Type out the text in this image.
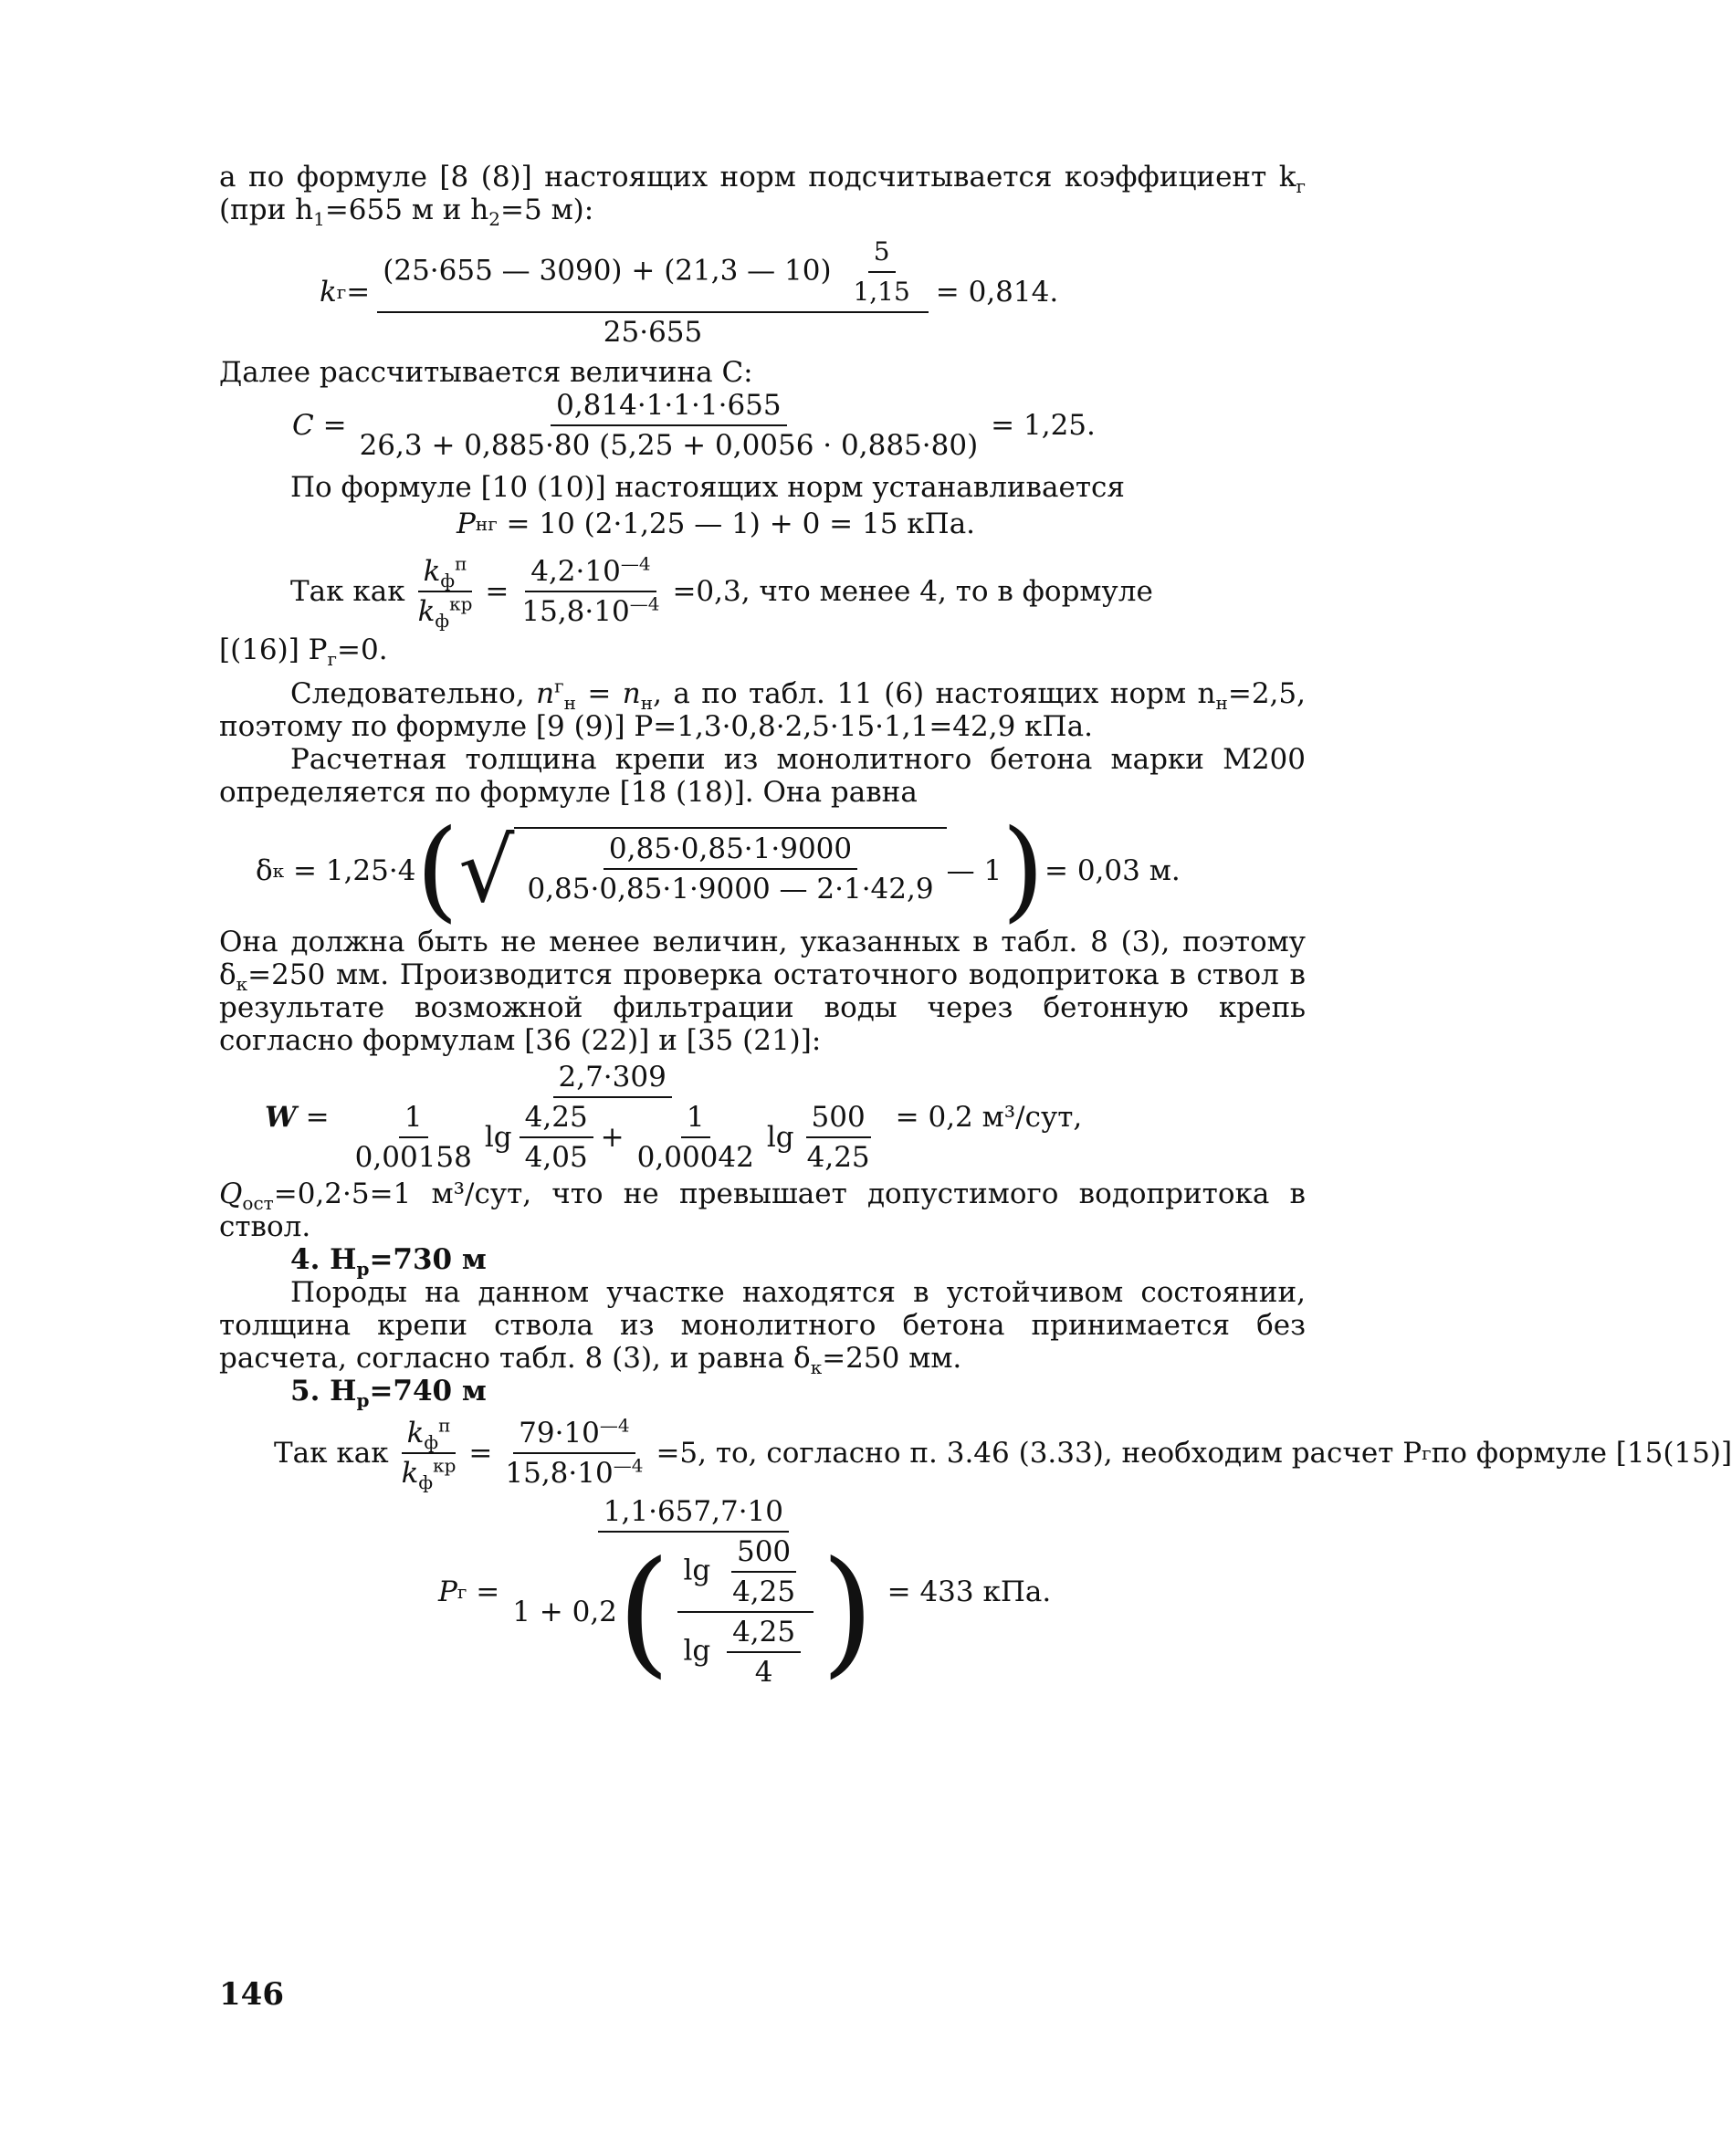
а по формуле [8 (8)] настоящих норм подсчитывается коэффициент $k_г$ (при $h_1=655$ м и $h_2=5$ м):

k $г = \frac{(25\cdot 655 — 3090) + (21,3 — 10) \frac{5}{1,15}}{25\cdot 655} = 0,814$.

Далее рассчитывается величина C:

C
= $\frac{0,814\cdot 1\cdot 1\cdot 1\cdot 655}{26,3 + 0,885\cdot 80 (5,25 + 0,0056 \cdot 0,885\cdot 80)} = 1,25$.

По формуле [10 (10)] настоящих норм устанавливается

P н г
= 10 (2·1,25 — 1) + 0 = 15 кПа.
Так как $\frac{k_ф^п}{k_ф^{кр}} = \frac{4,2\cdot 10^{—4}}{15,8\cdot 10^{—4}} =0,3$, что менее 4, то в формуле

[(16)] $P_г=0$.

Следовательно, $n^г_н = n_н$, а по табл. 11 (6) настоящих норм $n_н=2,5$, поэтому по формуле [9 (9)] P=1,3·0,8·2,5·15·1,1=42,9 кПа.

Расчетная толщина крепи из монолитного бетона марки М200 определяется по формуле [18 (18)]. Она равна

δ к
= 1,25·4 ( √ $\frac{0,85\cdot 0,85\cdot 1\cdot 9000}{0,85\cdot 0,85\cdot 1\cdot 9000 — 2\cdot 1\cdot 42,9}$ — 1 ) = 0,03 м.

Она должна быть не менее величин, указанных в табл. 8 (3), поэтому $\delta_к=250$ мм. Производится проверка остаточного водопритока в ствол в результате возможной фильтрации воды через бетонную крепь согласно формулам [36 (22)] и [35 (21)]:

W =
2,7·309
$\frac{1}{0,00158}$ $\lg \frac{4,25}{4,05} + \frac{1}{0,00042}$ $\lg \frac{500}{4,25} = 0,2$ м³/сут,

$Q_{ост}=0,2\cdot 5=1$ м³/сут, что не превышает допустимого водопритока в ствол.

4. $H_р=730$ м

Породы на данном участке находятся в устойчивом состоянии, толщина крепи ствола из монолитного бетона принимается без расчета, согласно табл. 8 (3), и равна $\delta_к=250$ мм.

5. $H_р=740$ м

Так как $\frac{k_ф^п}{k_ф^{кр}} = \frac{79\cdot 10^{—4}}{15,8\cdot 10^{—4}} =5$, то, согласно п. 3.46 (3.33), необходим расчет P г по формуле [15(15)]
P г =
1,1·657,7·10
1 + 0,2 ( $\frac{\lg \frac{500}{4,25}}{\lg \frac{4,25}{4}}$ ) = 433 кПа.
146
